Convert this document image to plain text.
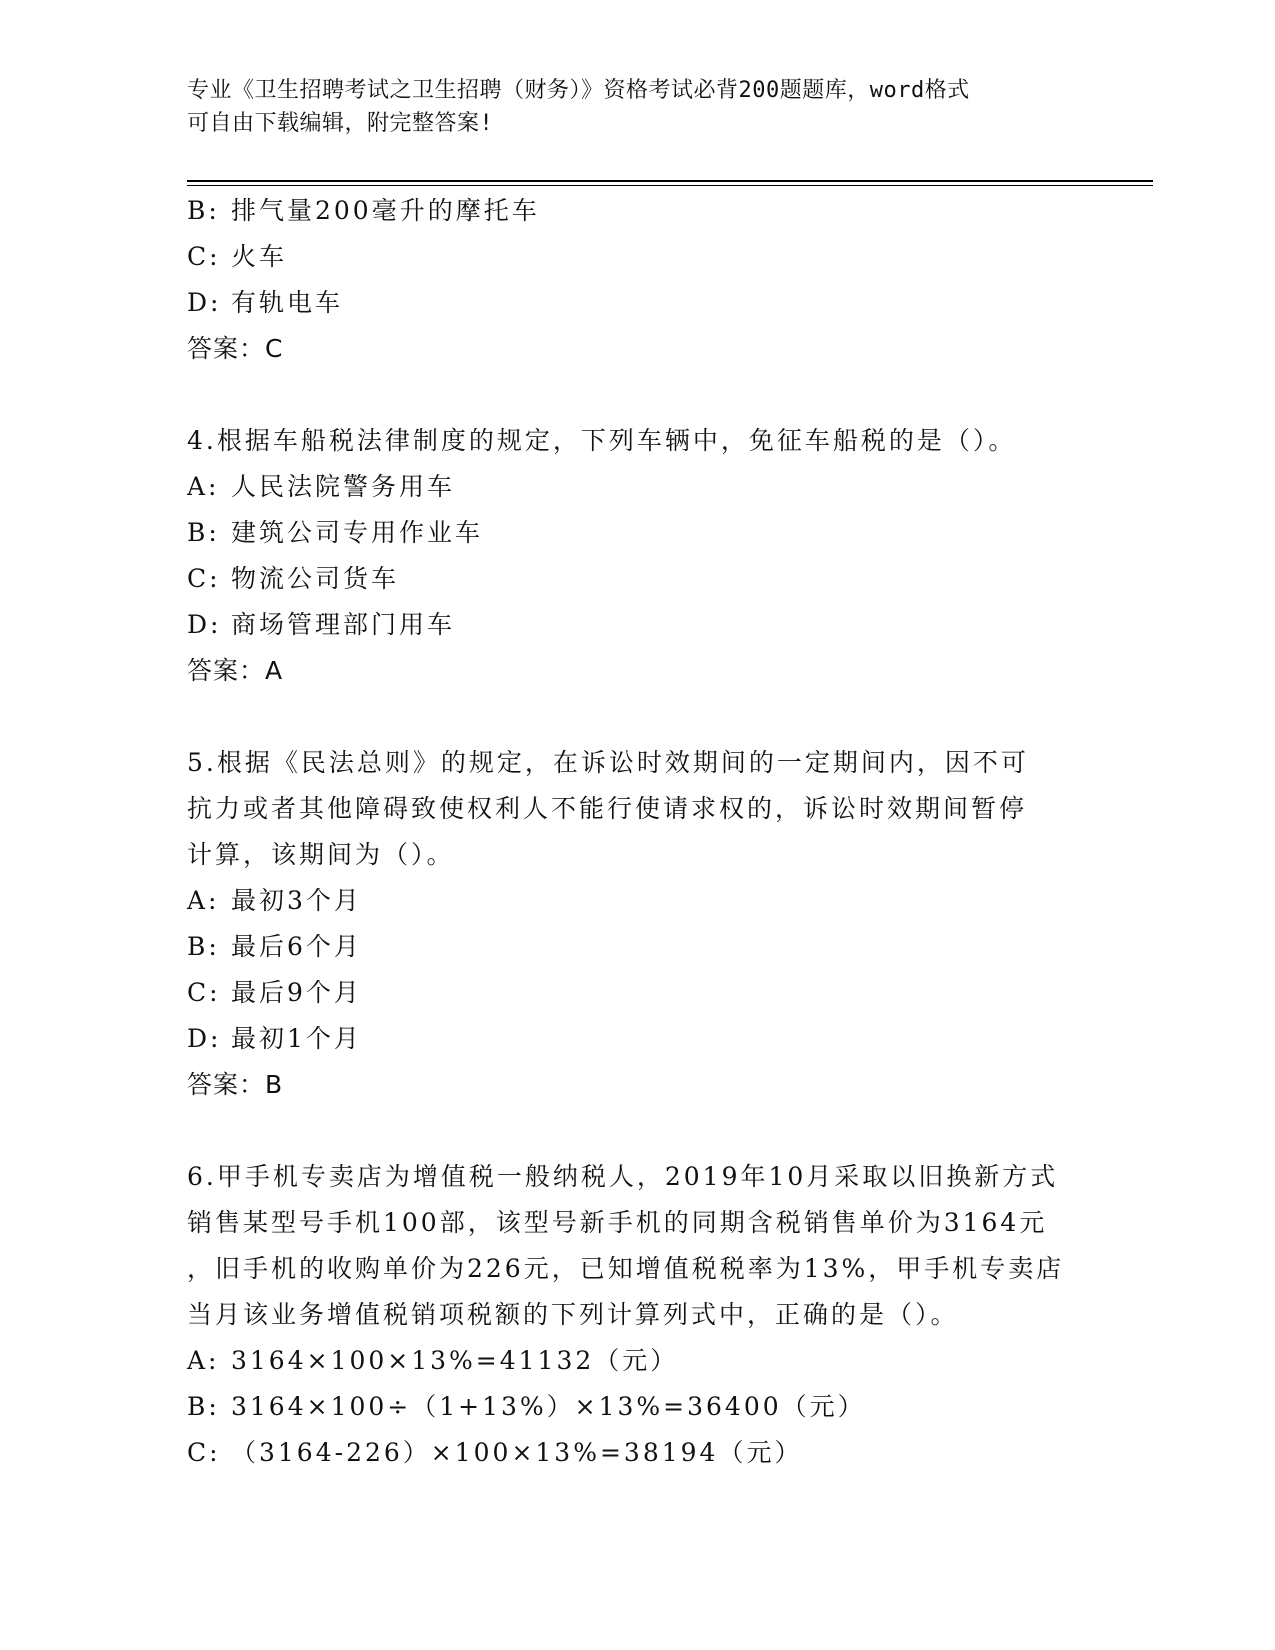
专业《卫生招聘考试之卫生招聘（财务）》资格考试必背200题题库，word格式
可自由下载编辑，附完整答案!
B: 排气量200毫升的摩托车
C: 火车
D: 有轨电车
答案：C
4.根据车船税法律制度的规定，下列车辆中，免征车船税的是（）。
A: 人民法院警务用车
B: 建筑公司专用作业车
C: 物流公司货车
D: 商场管理部门用车
答案：A
5.根据《民法总则》的规定，在诉讼时效期间的一定期间内，因不可
抗力或者其他障碍致使权利人不能行使请求权的，诉讼时效期间暂停
计算，该期间为（）。
A: 最初3个月
B: 最后6个月
C: 最后9个月
D: 最初1个月
答案：B
6.甲手机专卖店为增值税一般纳税人，2019年10月采取以旧换新方式
销售某型号手机100部，该型号新手机的同期含税销售单价为3164元
，旧手机的收购单价为226元，已知增值税税率为13%，甲手机专卖店
当月该业务增值税销项税额的下列计算列式中，正确的是（）。
A: 3164×100×13%=41132（元）
B: 3164×100÷（1+13%）×13%=36400（元）
C: （3164-226）×100×13%=38194（元）
